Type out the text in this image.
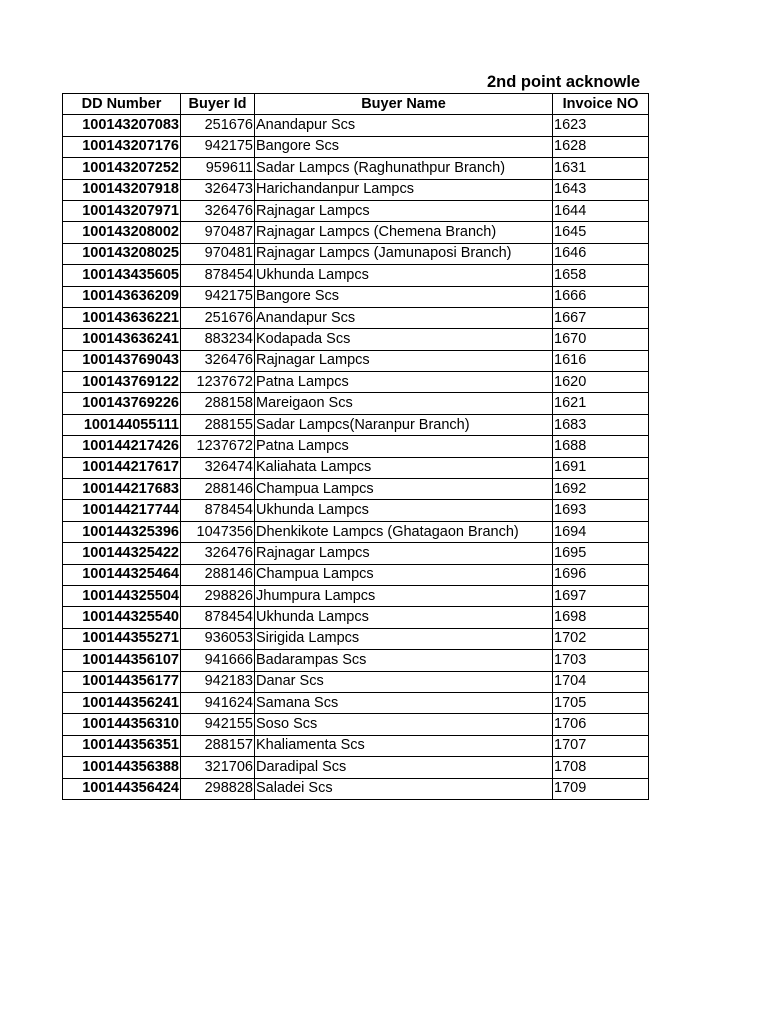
2nd point acknowle
DD Number	Buyer Id	Buyer Name	Invoice NO
100143207083	251676	Anandapur Scs	1623
100143207176	942175	Bangore Scs	1628
100143207252	959611	Sadar Lampcs (Raghunathpur Branch)	1631
100143207918	326473	Harichandanpur Lampcs	1643
100143207971	326476	Rajnagar Lampcs	1644
100143208002	970487	Rajnagar Lampcs (Chemena Branch)	1645
100143208025	970481	Rajnagar Lampcs (Jamunaposi Branch)	1646
100143435605	878454	Ukhunda Lampcs	1658
100143636209	942175	Bangore Scs	1666
100143636221	251676	Anandapur Scs	1667
100143636241	883234	Kodapada Scs	1670
100143769043	326476	Rajnagar Lampcs	1616
100143769122	1237672	Patna Lampcs	1620
100143769226	288158	Mareigaon Scs	1621
100144055111	288155	Sadar Lampcs(Naranpur Branch)	1683
100144217426	1237672	Patna Lampcs	1688
100144217617	326474	Kaliahata Lampcs	1691
100144217683	288146	Champua Lampcs	1692
100144217744	878454	Ukhunda Lampcs	1693
100144325396	1047356	Dhenkikote Lampcs (Ghatagaon Branch)	1694
100144325422	326476	Rajnagar Lampcs	1695
100144325464	288146	Champua Lampcs	1696
100144325504	298826	Jhumpura Lampcs	1697
100144325540	878454	Ukhunda Lampcs	1698
100144355271	936053	Sirigida Lampcs	1702
100144356107	941666	Badarampas Scs	1703
100144356177	942183	Danar Scs	1704
100144356241	941624	Samana Scs	1705
100144356310	942155	Soso Scs	1706
100144356351	288157	Khaliamenta Scs	1707
100144356388	321706	Daradipal Scs	1708
100144356424	298828	Saladei Scs	1709
